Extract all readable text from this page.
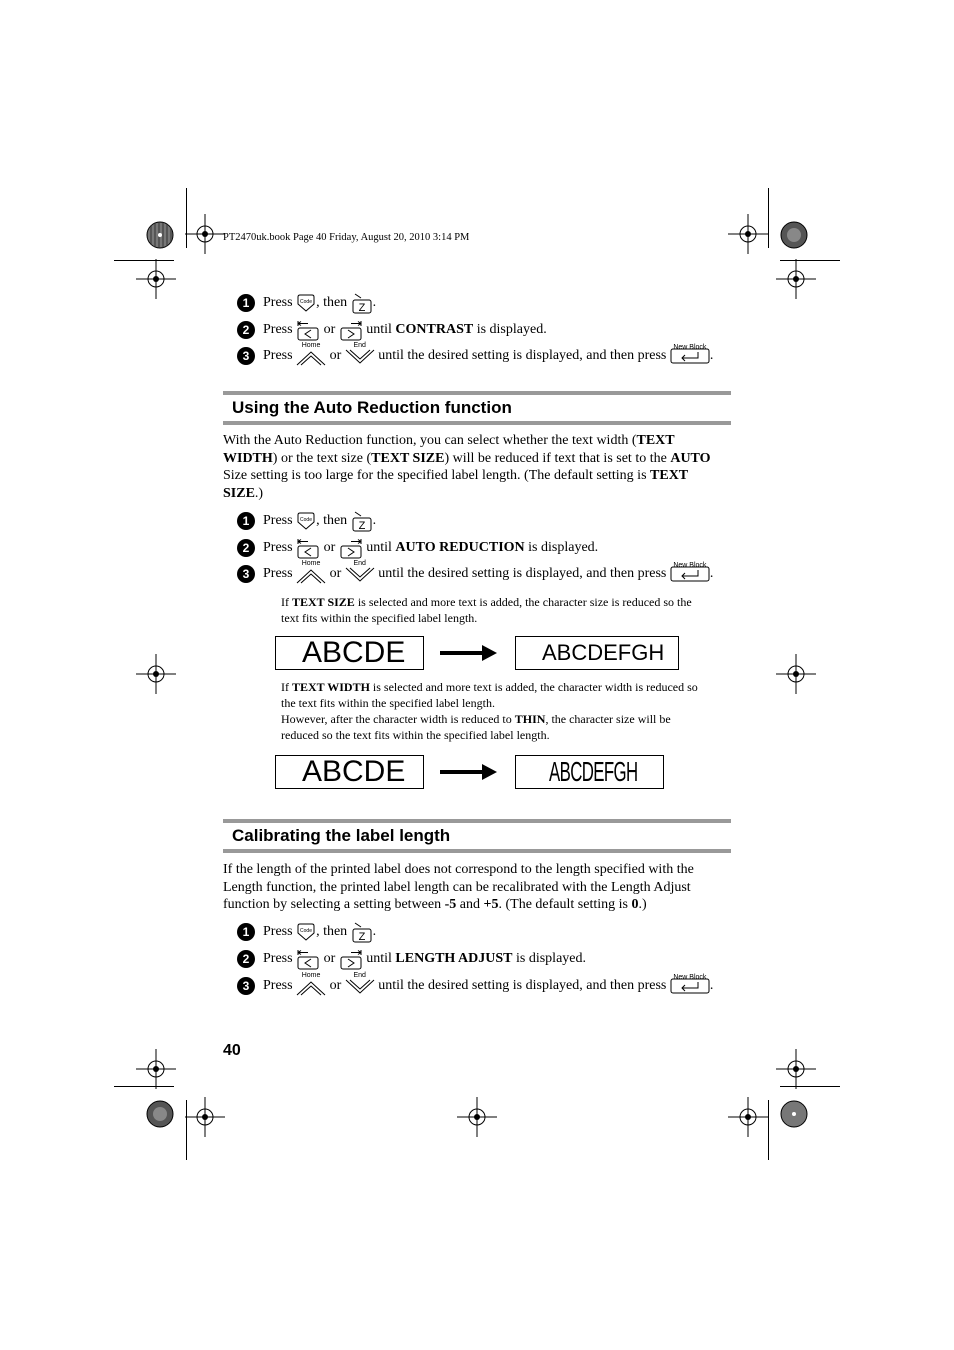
PT2470uk.book Page 40 Friday, August 20, 2010 3:14 PM
1 Press
Code , then
Z .
2 Press

or

until
CONTRAST
is displayed.
3 Press

Home

or

End

until the desired setting is displayed, and then press

New Block
.
Using the Auto Reduction function
With the Auto Reduction function, you can select whether the text width (TEXT WIDTH) or the text size (TEXT SIZE) will be reduced if text that is set to the AUTO Size setting is too large for the specified label length. (The default setting is TEXT SIZE.)
1 Press
Code , then
Z .
2 Press

or

until
AUTO REDUCTION
is displayed.
3 Press

Home

or

End

until the desired setting is displayed, and then press

New Block
.
If TEXT SIZE is selected and more text is added, the character size is reduced so the text fits within the specified label length.
ABCDE	ABCDEFGH
If TEXT WIDTH is selected and more text is added, the character width is reduced so the text fits within the specified label length.
However, after the character width is reduced to THIN, the character size will be reduced so the text fits within the specified label length.
ABCDE	ABCDEFGH
Calibrating the label length
If the length of the printed label does not correspond to the length specified with the Length function, the printed label length can be recalibrated with the Length Adjust function by selecting a setting between -5 and +5. (The default setting is 0.)
1 Press
Code , then
Z .
2 Press

or

until
LENGTH ADJUST
is displayed.
3 Press

Home

or

End

until the desired setting is displayed, and then press

New Block
.
40
